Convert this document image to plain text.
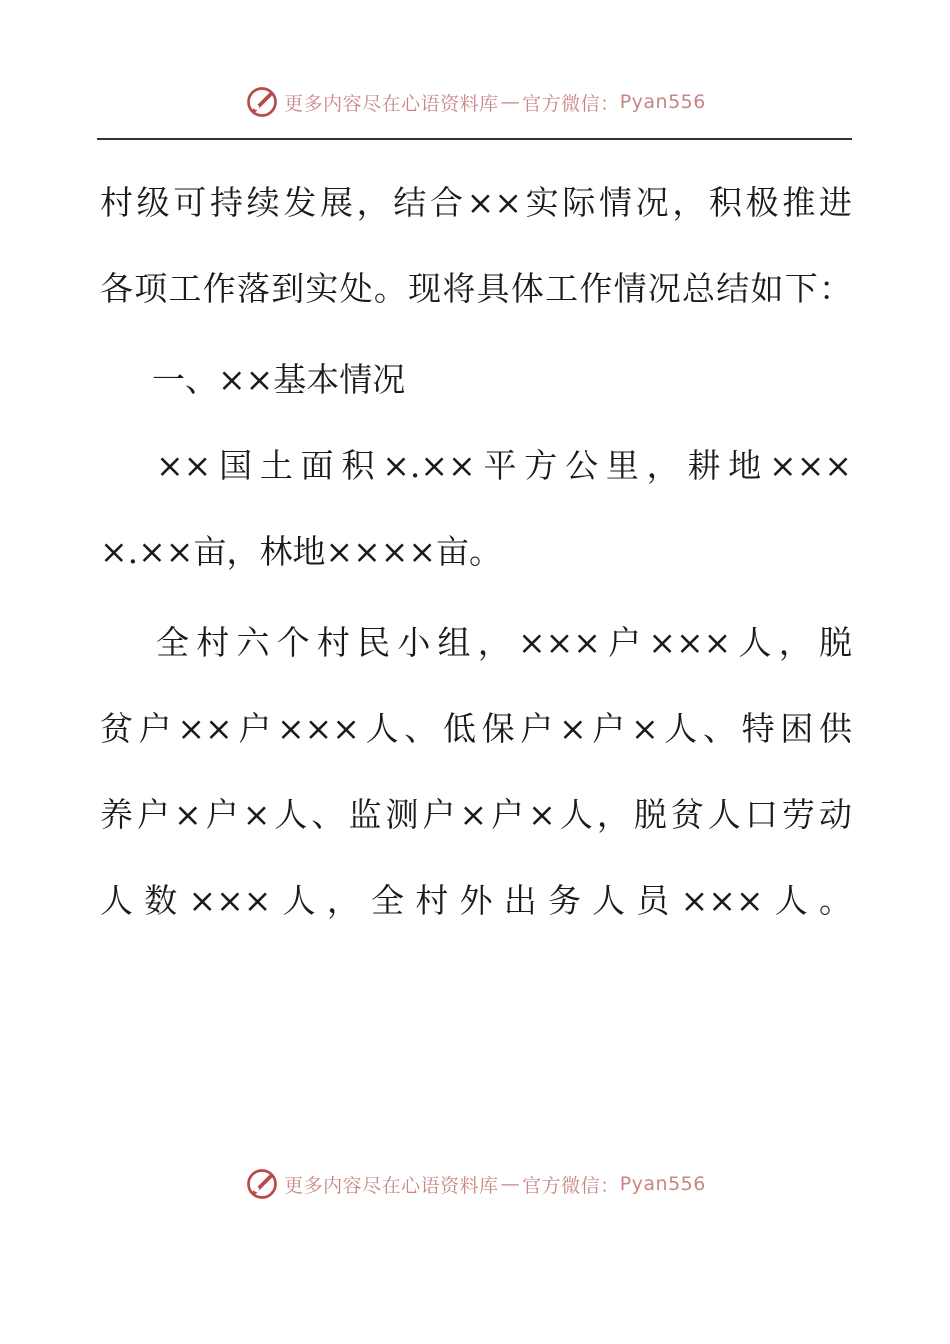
更多内容尽在心语资料库 — 官方微信： Pyan556
村级可持续发展，结合××实际情况，积极推进
各项工作落到实处。现将具体工作情况总结如下：
一、××基本情况
××国土面积×.××平方公里，耕地×××
×.××亩，林地××××亩。
全村六个村民小组，×××户×××人，脱
贫户××户×××人、低保户×户×人、特困供
养户×户×人、监测户×户×人，脱贫人口劳动
人数×××人，全村外出务人员×××人。
更多内容尽在心语资料库 — 官方微信： Pyan556
